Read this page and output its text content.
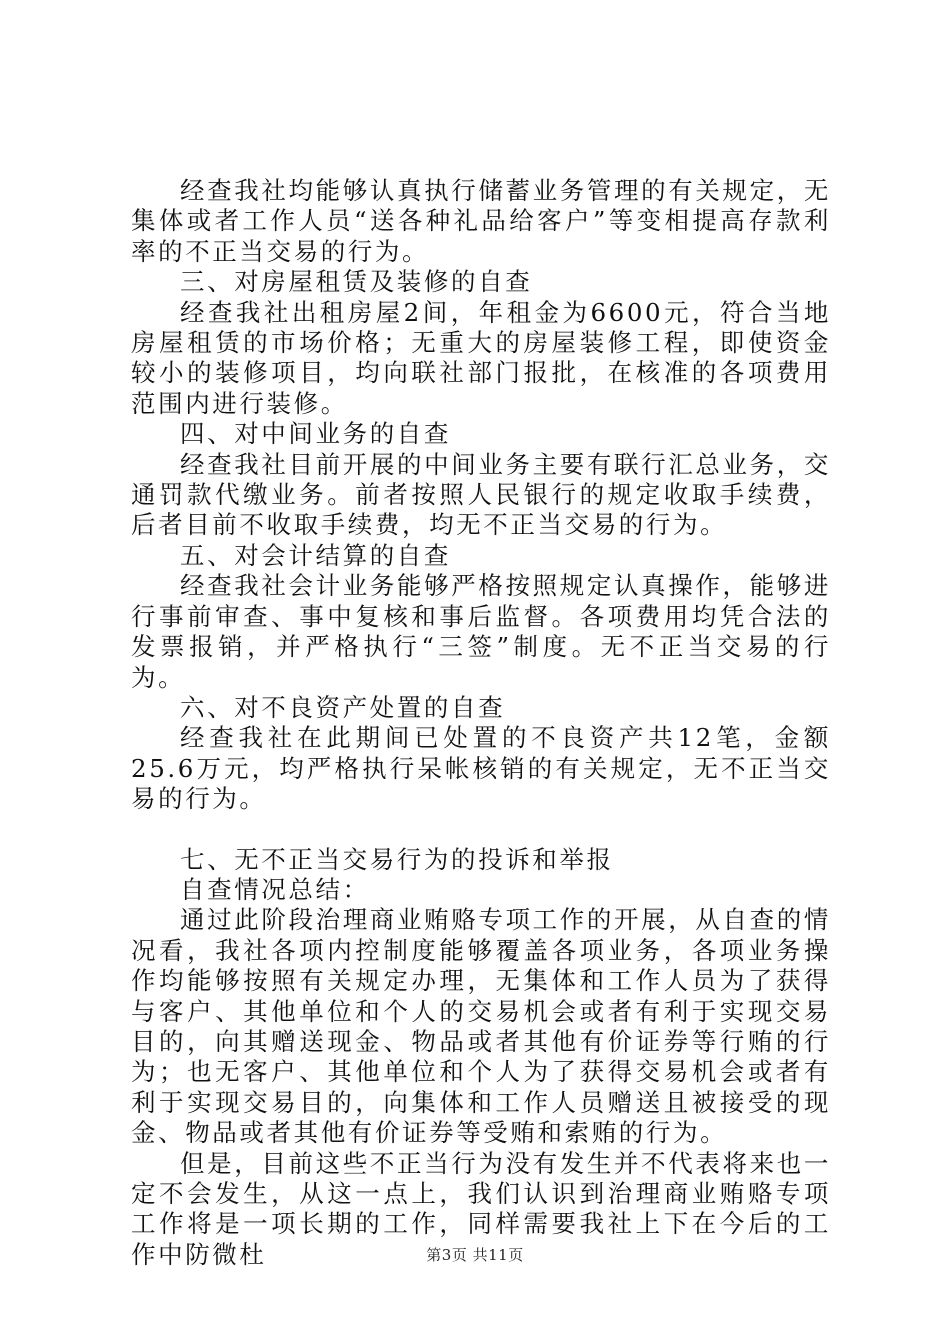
经查我社均能够认真执行储蓄业务管理的有关规定，无集体或者工作人员“送各种礼品给客户”等变相提高存款利率的不正当交易的行为。

三、对房屋租赁及装修的自查

经查我社出租房屋2间，年租金为6600元，符合当地房屋租赁的市场价格；无重大的房屋装修工程，即使资金较小的装修项目，均向联社部门报批，在核准的各项费用范围内进行装修。

四、对中间业务的自查

经查我社目前开展的中间业务主要有联行汇总业务，交通罚款代缴业务。前者按照人民银行的规定收取手续费，后者目前不收取手续费，均无不正当交易的行为。

五、对会计结算的自查

经查我社会计业务能够严格按照规定认真操作，能够进行事前审查、事中复核和事后监督。各项费用均凭合法的发票报销，并严格执行“三签”制度。无不正当交易的行为。

六、对不良资产处置的自查

经查我社在此期间已处置的不良资产共12笔，金额25.6万元，均严格执行呆帐核销的有关规定，无不正当交易的行为。

七、无不正当交易行为的投诉和举报

自查情况总结：

通过此阶段治理商业贿赂专项工作的开展，从自查的情况看，我社各项内控制度能够覆盖各项业务，各项业务操作均能够按照有关规定办理，无集体和工作人员为了获得与客户、其他单位和个人的交易机会或者有利于实现交易目的，向其赠送现金、物品或者其他有价证券等行贿的行为；也无客户、其他单位和个人为了获得交易机会或者有利于实现交易目的，向集体和工作人员赠送且被接受的现金、物品或者其他有价证券等受贿和索贿的行为。

但是，目前这些不正当行为没有发生并不代表将来也一定不会发生，从这一点上，我们认识到治理商业贿赂专项工作将是一项长期的工作，同样需要我社上下在今后的工作中防微杜	第3页 共11页
